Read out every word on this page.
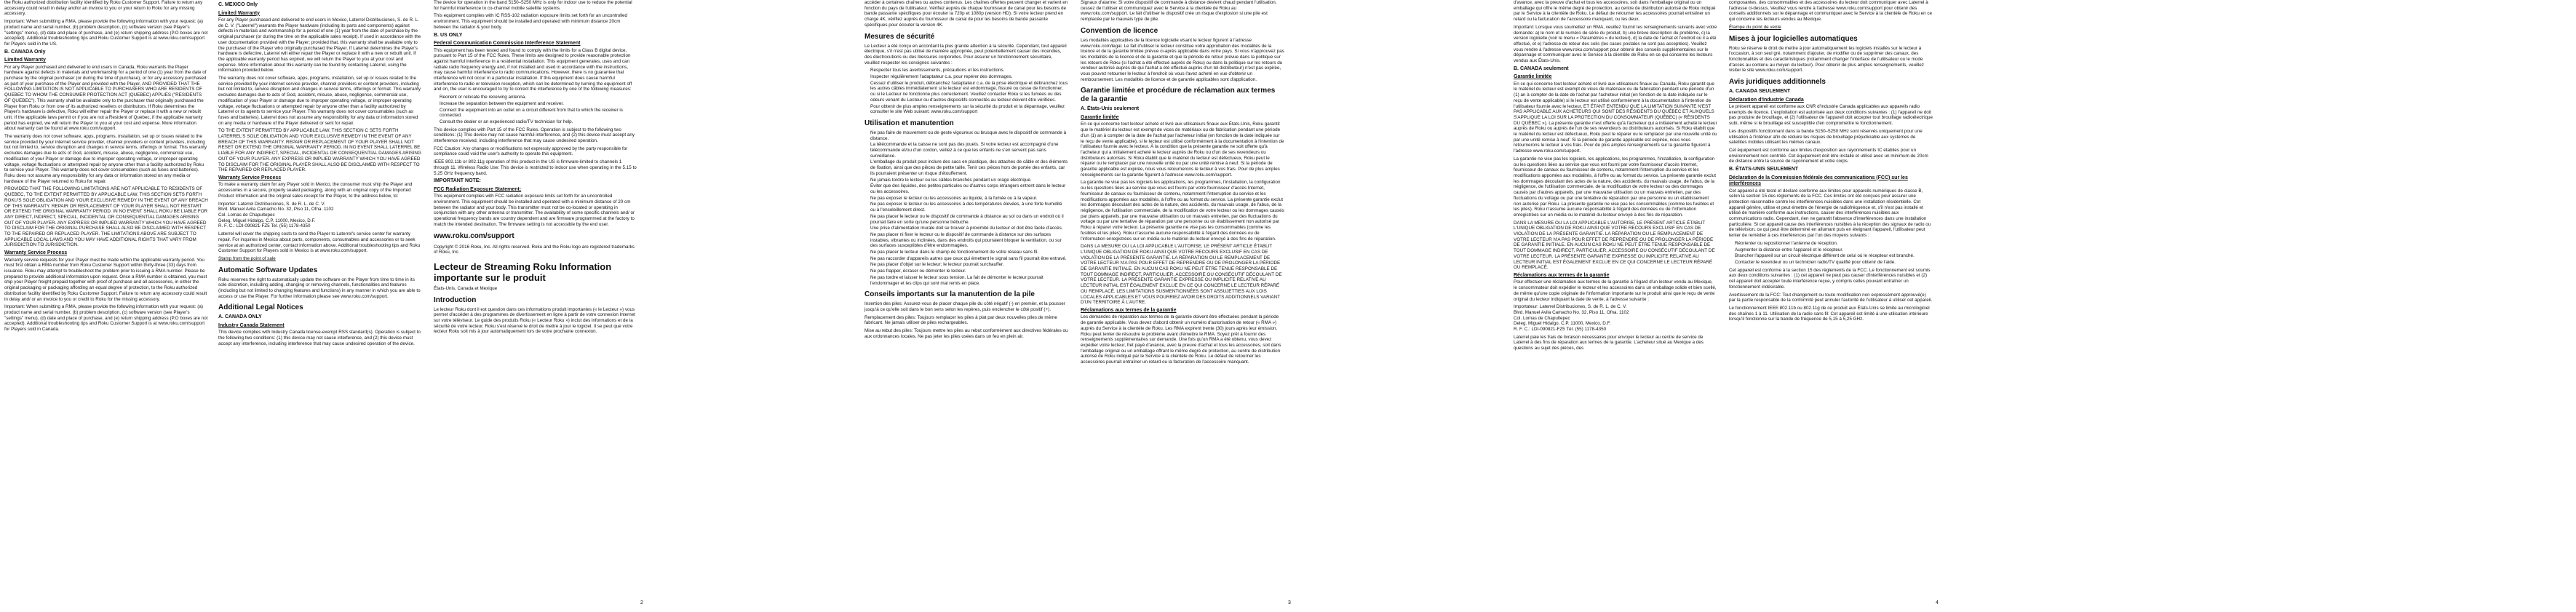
the Roku authorized distribution facility identified by Roku Customer Support. Failure to return any accessory could result in delay and/or an invoice to you or your return to Roku for any missing accessory.

Important: When submitting a RMA, please provide the following information with your request: (a) product name and serial number, (b) problem description, (c) software version (see Player's "settings" menu), (d) date and place of purchase, and (e) return shipping address (P.O boxes are not accepted). Additional troubleshooting tips and Roku Customer Support is at www.roku.com/support for Players sold in the US.

B. CANADA Only
Limited Warranty

For any Player purchased and delivered to end users in Canada, Roku warrants the Player hardware against defects in materials and workmanship for a period of one (1) year from the date of purchase by the original purchaser (or during the time of purchase), or for any accessory purchased as part of your purchase of the Player and provided with the Player, AND PROVIDED THAT THE FOLLOWING LIMITATION IS NOT APPLICABLE TO PURCHASERS WHO ARE RESIDENTS OF QUEBEC TO WHOM THE CONSUMER PROTECTION ACT (QUEBEC) APPLIES ("RESIDENTS OF QUEBEC"). This warranty shall be available only to the purchaser that originally purchased the Player from Roku or from one of its authorized resellers or distributors. If Roku determines the Player's hardware is defective, Roku will either repair the Player or replace it with a new or rebuilt unit. If the applicable laws permit or if you are not a Resident of Quebec, if the applicable warranty period has expired, we will return the Player to you at your cost and expense. More information about warranty can be found at www.roku.com/support.

The warranty does not cover software, apps, programs, installation, set up or issues related to the service provided by your internet service provider, channel providers or content providers, including but not limited to, service disruption and changes in service terms, offerings or format. This warranty excludes damages due to acts of God, accident, misuse, abuse, negligence, commercial use, modification of your Player or damage due to improper operating voltage, or improper operating voltage, voltage fluctuations or attempted repair by anyone other than a facility authorized by Roku to service your Player. This warranty does not cover consumables (such as fuses and batteries). Roku does not assume any responsibility for any data or information stored on any media or hardware of the Player returned to Roku for repair.

PROVIDED THAT THE FOLLOWING LIMITATIONS ARE NOT APPLICABLE TO RESIDENTS OF QUEBEC, TO THE EXTENT PERMITTED BY APPLICABLE LAW, THIS SECTION SETS FORTH ROKU'S SOLE OBLIGATION AND YOUR EXCLUSIVE REMEDY IN THE EVENT OF ANY BREACH OF THIS WARRANTY. REPAIR OR REPLACEMENT OF YOUR PLAYER SHALL NOT RESTART OR EXTEND THE ORIGINAL WARRANTY PERIOD. IN NO EVENT SHALL ROKU BE LIABLE FOR ANY DIRECT, INDIRECT, SPECIAL, INCIDENTAL OR CONSEQUENTIAL DAMAGES ARISING OUT OF YOUR PLAYER. ANY EXPRESS OR IMPLIED WARRANTY WHICH YOU HAVE AGREED TO DISCLAIM FOR THE ORIGINAL PURCHASE SHALL ALSO BE DISCLAIMED WITH RESPECT TO THE REPAIRED OR REPLACED PLAYER. THE LIMITATIONS ABOVE ARE SUBJECT TO APPLICABLE LOCAL LAWS AND YOU MAY HAVE ADDITIONAL RIGHTS THAT VARY FROM JURISDICTION TO JURISDICTION.

Warranty Service Process

Warranty service requests for your Player must be made within the applicable warranty period. You must first obtain a RMA number from Roku Customer Support within thirty-three (33) days from issuance. Roku may attempt to troubleshoot the problem prior to issuing a RMA number. Please be prepared to provide additional information upon request. Once a RMA number is obtained, you must ship your Player freight prepaid together with proof of purchase and all accessories, in either the original packaging or packaging affording an equal degree of protection, to the Roku authorized distribution facility identified by Roku Customer Support. Failure to return any accessory could result in delay and/ or an invoice to you or credit to Roku for the missing accessory.

Important: When submitting a RMA, please provide the following information with your request: (a) product name and serial number, (b) problem description, (c) software version (see Player's "settings" menu), (d) date and place of purchase, and (e) return shipping address (P.O boxes are not accepted). Additional troubleshooting tips and Roku Customer Support is at www.roku.com/support for Players sold in Canada.

C. MEXICO Only
Limited Warranty

For any Player purchased and delivered to end users in Mexico, Laterrel Distribuciones, S. de R. L. de C. V. ("Laterrel") warrants the Player hardware (including its parts and components) against defects in materials and workmanship for a period of one (1) year from the date of purchase by the original purchaser (or during the time on the applicable sales receipt). If used in accordance with the user documentation provided with the Player; provided that, this warranty shall be available only to the purchaser of the Player who originally purchased the Player. If Laterrel determines the Player's hardware is defective, Laterrel will either repair the Player or replace it with a new or rebuilt unit. If the applicable warranty period has expired, we will return the Player to you at your cost and expense. More information about this warranty can be found by contacting Laterrel, using the information provided below.

The warranty does not cover software, apps, programs, installation, set up or issues related to the service provided by your internet service provider, channel providers or content providers, including but not limited to, service disruption and changes in service terms, offerings or format. This warranty excludes damages due to acts of God, accident, misuse, abuse, negligence, commercial use, modification of your Player or damage due to improper operating voltage, or improper operating voltage, voltage fluctuations or attempted repair by anyone other than a facility authorized by Laterrel or its agents to service your Player. This warranty does not cover consumables (such as fuses and batteries). Laterrel does not assume any responsibility for any data or information stored on any media or hardware of the Player delivered or sent for repair.

TO THE EXTENT PERMITTED BY APPLICABLE LAW, THIS SECTION C SETS FORTH LATERREL'S SOLE OBLIGATION AND YOUR EXCLUSIVE REMEDY IN THE EVENT OF ANY BREACH OF THIS WARRANTY. REPAIR OR REPLACEMENT OF YOUR PLAYER SHALL NOT RESET OR EXTEND THE ORIGINAL WARRANTY PERIOD. IN NO EVENT SHALL LATERREL BE LIABLE FOR ANY INDIRECT, SPECIAL, INCIDENTAL OR CONSEQUENTIAL DAMAGES ARISING OUT OF YOUR PLAYER. ANY EXPRESS OR IMPLIED WARRANTY WHICH YOU HAVE AGREED TO DISCLAIM FOR THE ORIGINAL PLAYER SHALL ALSO BE DISCLAIMED WITH RESPECT TO THE REPAIRED OR REPLACED PLAYER.

Warranty Service Process

To make a warranty claim for any Player sold in Mexico, the consumer must ship the Player and accessories in a secure, properly sealed packaging, along with an original copy of the Imported Product Information and the original sales receipt for the Player, to the address below, to:

Importer: Laterrel Distribuciones, S. de R. L. de C. V.
Blvd. Manuel Avila Camacho No. 32, Piso 11, Ofna. 1102
Col. Lomas de Chapultepec
Deleg. Miguel Hidalgo, C.P. 11000, Mexico, D.F.
R. F. C.: LDI-090821-FZ5 Tel. (55) 1178-4350

Laterrel will cover the shipping costs to send the Player to Laterrel's service center for warranty repair. For inquiries in Mexico about parts, components, consumables and accessories or to seek service at an authorized center, contact information above. Additional troubleshooting tips and Roku Customer Support for Players sold in Mexico is at www.roku.com/support.

Stamp from the point of sale

Automatic Software Updates

Roku reserves the right to automatically update the software on the Player from time to time in its sole discretion, including adding, changing or removing channels, functionalities and features (including but not limited to changing features and functions) in any manner in which you are able to access or use the Player. For further information please see www.roku.com/support.

Additional Legal Notices
A. CANADA ONLY
Industry Canada Statement

This device complies with Industry Canada license-exempt RSS standard(s). Operation is subject to the following two conditions: (1) this device may not cause interference, and (2) this device must accept any interference, including interference that may cause undesired operation of the device.

The device for operation in the band 5150–5250 MHz is only for indoor use to reduce the potential for harmful interference to co-channel mobile satellite systems.

This equipment complies with IC RSS-102 radiation exposure limits set forth for an uncontrolled environment. This equipment should be installed and operated with minimum distance 20cm between the radiator & your body.

B. US ONLY
Federal Communication Commission Interference Statement

This equipment has been tested and found to comply with the limits for a Class B digital device, pursuant to Part 15 of the FCC Rules. These limits are designed to provide reasonable protection against harmful interference in a residential installation. This equipment generates, uses and can radiate radio frequency energy and, if not installed and used in accordance with the instructions, may cause harmful interference to radio communications. However, there is no guarantee that interference will not occur in a particular installation. If this equipment does cause harmful interference to radio or television reception, which can be determined by turning the equipment off and on, the user is encouraged to try to correct the interference by one of the following measures:

• Reorient or relocate the receiving antenna.
• Increase the separation between the equipment and receiver.
• Connect the equipment into an outlet on a circuit different from that to which the receiver is connected.
• Consult the dealer or an experienced radio/TV technician for help.

This device complies with Part 15 of the FCC Rules. Operation is subject to the following two conditions: (1) This device may not cause harmful interference, and (2) this device must accept any interference received, including interference that may cause undesired operation.

FCC Caution: Any changes or modifications not expressly approved by the party responsible for compliance could void the user's authority to operate this equipment.

IEEE 802.11b or 802.11g operation of this product in the US is firmware-limited to channels 1 through 11. Wireless Radio Use: This device is restricted to indoor use when operating in the 5.15 to 5.25 GHz frequency band.

IMPORTANT NOTE:
FCC Radiation Exposure Statement:

This equipment complies with FCC radiation exposure limits set forth for an uncontrolled environment. This equipment should be installed and operated with a minimum distance of 20 cm between the radiator and your body. This transmitter must not be co-located or operating in conjunction with any other antenna or transmitter. The availability of some specific channels and/ or operational frequency bands are country dependent and are firmware programmed at the factory to match the intended destination. The firmware setting is not accessible by the end user.

www.roku.com/support

Copyright © 2016 Roku, Inc. All rights reserved. Roku and the Roku logo are registered trademarks of Roku, Inc.

Lecteur de Streaming Roku Information importante sur le produit

États-Unis, Canada et Mexique

Introduction

Le lecteur Roku dont il est question dans ces informations produit importantes (« le Lecteur ») vous permet d'accéder à des programmes de divertissement en ligne à partir de votre connexion Internet sur votre téléviseur. Le guide des produits Roku (« Lecteur Roku ») inclut des informations et de la sécurité de votre lecteur. Roku s'est réservé le droit de mettre à jour le logiciel. Il se peut que votre lecteur Roku soit mis à jour automatiquement lors de votre prochaine connexion.

accéder à certaines chaînes ou autres contenus. Les chaînes offertes peuvent changer et varient en fonction du pays de l'utilisateur. Vérifiez auprès de chaque fournisseur de canal pour les besoins de bande passante spécifiques pour écouter la 720p et 1080p (version HD). Si votre lecteur prend en charge 4K, vérifiez auprès du fournisseur de canal de pour les besoins de bande passante spécifiques pour écouter la version 4K.

Mesures de sécurité

Le Lecteur a été conçu en accordant la plus grande attention à la sécurité. Cependant, tout appareil électrique, s'il n'est pas utilisé de manière appropriée, peut potentiellement causer des incendies, des électrocutions ou des blessures corporelles. Pour assurer un fonctionnement sécuritaire, veuillez respecter les consignes suivantes :

• Respecter tous les avertissements, précautions et les instructions.
• Inspecter régulièrement l'adaptateur c.a. pour repérer des dommages.
• Cessez d'utiliser le produit, débranchez l'adaptateur c.a. de la prise électrique et débranchez tous les autres câbles immédiatement si le lecteur est endommagé, fissuré ou cesse de fonctionner, ou si le Lecteur ne fonctionne plus correctement. Veuillez contacter Roku si les fumées ou des odeurs venant du Lecteur ou d'autres dispositifs connectés au lecteur doivent être vérifiées.
• Pour obtenir de plus amples renseignements sur la sécurité du produit et la dépannage, veuillez consulter le site Web suivant: www.roku.com/support
Utilisation et manutention
• Ne pas faire de mouvement ou de geste vigoureux ou brusque avec le dispositif de commande à distance.
• La télécommande et la caisse ne sont pas des jouets. Si votre lecteur est accompagné d'une télécommande et/ou d'un cordon, veillez à ce que les enfants ne s'en servent pas sans surveillance.
• L'emballage du produit peut inclure des sacs en plastique, des attaches de câble et des éléments de fixation, ainsi que des pièces de petite taille. Tenir ces pièces hors de portée des enfants, car ils pourraient présenter un risque d'étouffement.
• Ne jamais tordre le lecteur ou les câbles branchés pendant un orage électrique.
• Éviter que des liquides, des petites particules ou d'autres corps étrangers entrent dans le lecteur ou les accessoires.
• Ne pas exposer le lecteur ou les accessoires au liquide, à la fumée ou à la vapeur.
• Ne pas exposer le lecteur ou les accessoires à des températures élevées, à une forte humidité ou à l'ensoleillement direct.
• Ne pas placer le lecteur ou le dispositif de commande à distance au sol ou dans un endroit où il pourrait faire en sorte qu'une personne trébuche.
• Une prise d'alimentation murale doit se trouver à proximité du lecteur et doit être facile d'accès.
• Ne pas placer ni fixer le lecteur ou le dispositif de commande à distance sur des surfaces instables, vibrantes ou inclinées, dans des endroits qui pourraient bloquer la ventilation, ou sur des surfaces susceptibles d'être endommagées.
• Ne pas placer le lecteur dans le champ de fonctionnement de votre réseau sans fil.
• Ne pas raccorder d'appareils autres que ceux qui émettent le signal sans fil pourrait être entravé.
• Ne pas placer d'objet sur le lecteur; le lecteur pourrait surchauffer.
• Ne pas frapper, écraser ou démonter le lecteur.
• Ne pas tordre et laisser le lecteur sous tension. La fait de démonter le lecteur pourrait l'endommager et les clips qui sont mal remis en place.
Conseils importants sur la manutention de la pile

Insertion des piles: Assurez-vous de placer chaque pile du côté négatif (-) en premier, et la pousser jusqu'à ce qu'elle soit dans le bon sens selon les repères, puis enclencher le côté positif (+).

Remplacement des piles: Toujours remplacer les piles à plat par deux nouvelles piles de même fabricant. Ne jamais utiliser de piles rechargeables.

Mise au rebut des piles: Toujours mettre les piles au rebut conformément aux directives fédérales ou aux ordonnances locales. Ne pas jeter les piles usées dans un feu en plein air.

Signaux d'alarme: Si votre dispositif de commande à distance devient chaud pendant l'utilisation, cessez de l'utiliser et communiquez avec le Service à la clientèle de Roku au www.roku.com/support. Le fait d'utiliser le dispositif crée un risque d'explosion si une pile est remplacée par le mauvais type de pile.

Convention de licence

Les modalités applicables de la licence logicielle visant le lecteur figurent à l'adresse www.roku.com/legal. Le fait d'utiliser le lecteur constitue votre approbation des modalités de la licence et de la garantie limitée prévue ci-après applicable dans votre pays. Si vous n'approuvez pas les modalités de la licence et de la garantie et que la période de retour prévue dans la politique sur les retours de Roku (si l'achat a été effectué auprès de Roku) ou dans la politique sur les retours du vendeur autorisé auprès de qui l'achat a été effectué auprès d'un tel distributeur) n'est pas expirée, vous pouvez retourner le lecteur à l'endroit où vous l'avez acheté en vue d'obtenir un remboursement. Les modalités de licence et de garantie applicables sont d'application.

Garantie limitée et procédure de réclamation aux termes de la garantie
A. États-Unis seulement
Garantie limitée

En ce qui concerne tout lecteur acheté et livré aux utilisateurs finaux aux États-Unis, Roku garantit que le matériel du lecteur est exempt de vices de matériaux ou de fabrication pendant une période d'un (1) an à compter de la date de l'achat par l'acheteur initial (en fonction de la date indiquée sur le reçu de vente applicable), si le lecteur est utilisé conformément à la documentation à l'intention de l'utilisateur fournie avec le lecteur. À la condition que la présente garantie ne soit offerte qu'à l'acheteur qui a initialement acheté le lecteur auprès de Roku ou d'un de ses revendeurs ou distributeurs autorisés. Si Roku établit que le matériel du lecteur est défectueux, Roku peut le réparer ou le remplacer par une nouvelle unité ou par une unité remise à neuf. Si la période de garantie applicable est expirée, nous vous retournerons le lecteur à vos frais. Pour de plus amples renseignements sur la garantie figurent à l'adresse www.roku.com/support.

La garantie ne vise pas les logiciels les applications, les programmes, l'installation, la configuration ou les questions liées au service que vous est fourni par votre fournisseur d'accès Internet, fournisseur de canaux ou fournisseur de contenu, notamment l'interruption du service et les modifications apportées aux modalités, à l'offre ou au format du service. La présente garantie exclut les dommages découlant des actes de la nature, des accidents, du mauvais usage, de l'abus, de la négligence, de l'utilisation commerciale, de la modification de votre lecteur ou les dommages causés par plans appareils, par une mauvaise utilisation ou un mauvais entretien, par des fluctuations du voltage ou par une tentative de réparation par une personne ou un établissement non autorisé par Roku à réparer votre lecteur. La présente garantie ne vise pas les consommables (comme les fusibles et les piles). Roku n'assume aucune responsabilité à l'égard des données ou de l'information enregistrées sur un média ou le matériel du lecteur envoyé à des fins de réparation.

DANS LA MESURE OU LA LOI APPLICABLE L'AUTORISE, LE PRÉSENT ARTICLE ÉTABLIT L'UNIQUE OBLIGATION DE ROKU AINSI QUE VOTRE RECOURS EXCLUSIF EN CAS DE VIOLATION DE LA PRÉSENTE GARANTIE. LA RÉPARATION OU LE REMPLACEMENT DE VOTRE LECTEUR N'A PAS POUR EFFET DE REPRENDRE OU DE PROLONGER LA PÉRIODE DE GARANTIE INITIALE. EN AUCUN CAS ROKU NE PEUT ÊTRE TENUE RESPONSABLE DE TOUT DOMMAGE INDIRECT, PARTICULIER, ACCESSOIRE OU CONSÉCUTIF DÉCOULANT DE VOTRE LECTEUR. LA PRÉSENTE GARANTIE EXPRESSE OU IMPLICITE RELATIVE AU LECTEUR INITIAL EST ÉGALEMENT EXCLUE EN CE QUI CONCERNE LE LECTEUR RÉPARÉ OU REMPLACÉ. LES LIMITATIONS SUSMENTIONNÉES SONT ASSUJETTIES AUX LOIS LOCALES APPLICABLES ET VOUS POURRIEZ AVOIR DES DROITS ADDITIONNELS VARIANT D'UN TERRITOIRE À L'AUTRE.

Réclamations aux termes de la garantie

Les demandes de réparation aux termes de la garantie doivent être effectuées pendant la période de garantie applicable. Vous devez d'abord obtenir un numéro d'autorisation de retour (« RMA ») auprès du Service à la clientèle de Roku. Les RMA expirent trente (30) jours après leur émission. Roku peut tenter de résoudre le problème avant d'émettre le RMA. Soyez prêt à fournir des renseignements supplémentaires sur demande. Une fois qu'un RMA a été obtenu, vous devez expédier votre lecteur, fret payé d'avance, avec la preuve d'achat et tous les accessoires, soit dans l'emballage original ou un emballage offrant le même degré de protection, au centre de distribution autorisé de Roku indiqué par le Service à la clientèle de Roku. Le défaut de retourner les accessoires pourrait entraîner un retard ou la facturation de l'accessoire manquant.

d'avance, avec la preuve d'achat et tous les accessoires, soit dans l'emballage original ou un emballage qui offre le même degré de protection, au centre de distribution autorisé de Roku indiqué par le Service à la clientèle de Roku. Le défaut de retourner les accessoires pourrait entraîner un retard ou la facturation de l'accessoire manquant, ou les deux.

Important: Lorsque vous soumettez un RMA, veuillez fournir les renseignements suivants avec votre demande: a) le nom et le numéro de série du produit, b) une brève description du problème, c) la version logicielle (voir le menu « Paramètres » du lecteur), d) la date de l'achat et l'endroit où il a été effectué, et e) l'adresse de retour des colis (les cases postales ne sont pas acceptées). Veuillez vous rendre à l'adresse www.roku.com/support pour obtenir des conseils supplémentaires sur le dépannage et communiquer avec le Service à la clientèle de Roku en ce qui concerne les lecteurs vendus aux États-Unis.

B. CANADA seulement
Garantie limitée

En ce qui concerne tout lecteur acheté et livré aux utilisateurs finaux au Canada, Roku garantit que le matériel du lecteur est exempt de vices de matériaux ou de fabrication pendant une période d'un (1) an à compter de la date de l'achat par l'acheteur initial (en fonction de la date indiquée sur le reçu de vente applicable) si le lecteur est utilisé conformément à la documentation à l'intention de l'utilisateur fournie avec le lecteur, ET ÉTANT ENTENDU QUE LA LIMITATION SUIVANTE N'EST PAS APPLICABLE AUX ACHETEURS QUI SONT DES RÉSIDENTS DU QUÉBEC ET AUXQUELS S'APPLIQUE LA LOI SUR LA PROTECTION DU CONSOMMATEUR (QUÉBEC) (« RÉSIDENTS DU QUÉBEC »). La présente garantie n'est offerte qu'à l'acheteur qui a initialement acheté le lecteur auprès de Roku ou auprès de l'un de ses revendeurs ou distributeurs autorisés. Si Roku établit que le matériel du lecteur est défectueux, Roku peut le réparer ou le remplacer par une nouvelle unité ou par une unité remise à neuf. Si la période de garantie applicable est expirée, nous vous retournerons le lecteur à vos frais. Pour de plus amples renseignements sur la garantie figurent à l'adresse www.roku.com/support.

La garantie ne vise pas les logiciels, les applications, les programmes, l'installation, la configuration ou les questions liées au service que vous est fourni par votre fournisseur d'accès Internet, fournisseur de canaux ou fournisseur de contenu, notamment l'interruption du service et les modifications apportées aux modalités, à l'offre ou au format du service. La présente garantie exclut les dommages découlant des actes de la nature, des accidents, du mauvais usage, de l'abus, de la négligence, de l'utilisation commerciale, de la modification de votre lecteur ou des dommages causés par d'autres appareils, par une mauvaise utilisation ou un mauvais entretien, par des fluctuations du voltage ou par une tentative de réparation par une personne ou un établissement non autorisé par Roku. La présente garantie ne vise pas les consommables (comme les fusibles et les piles). Roku n'assume aucune responsabilité à l'égard des données ou de l'information enregistrées sur un média ou le matériel du lecteur envoyé à des fins de réparation.

DANS LA MESURE OU LA LOI APPLICABLE L'AUTORISE, LE PRÉSENT ARTICLE ÉTABLIT L'UNIQUE OBLIGATION DE ROKU AINSI QUE VOTRE RECOURS EXCLUSIF EN CAS DE VIOLATION DE LA PRÉSENTE GARANTIE. LA RÉPARATION OU LE REMPLACEMENT DE VOTRE LECTEUR N'A PAS POUR EFFET DE REPRENDRE OU DE PROLONGER LA PÉRIODE DE GARANTIE INITIALE. EN AUCUN CAS ROKU NE PEUT ÊTRE TENUE RESPONSABLE DE TOUT DOMMAGE INDIRECT, PARTICULIER, ACCESSOIRE OU CONSÉCUTIF DÉCOULANT DE VOTRE LECTEUR. LA PRÉSENTE GARANTIE EXPRESSE OU IMPLICITE RELATIVE AU LECTEUR INITIAL EST ÉGALEMENT EXCLUE EN CE QUI CONCERNE LE LECTEUR RÉPARÉ OU REMPLACÉ.

Réclamations aux termes de la garantie

Pour effectuer une réclamation aux termes de la garantie à l'égard d'un lecteur vendu au Mexique, le consommateur doit expédier le lecteur et les accessoires dans un emballage solide et bien scellé, de même qu'une copie originale de l'information importante sur le produit ainsi que le reçu de vente original du lecteur indiquant la date de vente, à l'adresse suivante :

Importateur: Laterrel Distribuciones, S. de R. L. de C. V.
Blvd. Manuel Avila Camacho No. 32, Piso 11, Ofna. 1102
Col. Lomas de Chapultepec
Deleg. Miguel Hidalgo, C.P. 11000, Mexico, D.F.
R. F. C.: LDI-090821-FZ5 Tél. (55) 1178-4350

Laterrel paie les frais de livraison nécessaires pour envoyer le lecteur au centre de service de Laterrel à des fins de réparation aux termes de la garantie. L'acheteur situé au Mexique a des questions au sujet des pièces, des

composantes, des consommables et des accessoires du lecteur doit communiquer avec Laterrel à l'adresse ci-dessus. Veuillez vous rendre à l'adresse www.roku.com/support pour obtenir des conseils additionnels sur le dépannage et communiquer avec le Service à la clientèle de Roku en ce qui concerne les lecteurs vendus au Mexique.

Étampe du point de vente

Mises à jour logicielles automatiques

Roku se réserve le droit de mettre à jour automatiquement les logiciels installés sur le lecteur à l'occasion, à son seul gré, notamment d'ajouter, de modifier ou de supprimer des canaux, des fonctionnalités et des caractéristiques (notamment changer l'interface de l'utilisateur ou le mode d'accès au contenu au moyen du lecteur). Pour obtenir de plus amples renseignements, veuillez visiter le site www.roku.com/support.

Avis juridiques additionnels
A. CANADA SEULEMENT
Déclaration d'Industrie Canada

Le présent appareil est conforme aux CNR d'Industrie Canada applicables aux appareils radio exempts de licence. L'exploitation est autorisée aux deux conditions suivantes : (1) l'appareil ne doit pas produire de brouillage, et (2) l'utilisateur de l'appareil doit accepter tout brouillage radioélectrique subi, même si le brouillage est susceptible d'en compromettre le fonctionnement.

Les dispositifs fonctionnant dans la bande 5150–5250 MHz sont réservés uniquement pour une utilisation à l'intérieur afin de réduire les risques de brouillage préjudiciable aux systèmes de satellites mobiles utilisant les mêmes canaux.

Cet équipement est conforme aux limites d'exposition aux rayonnements IC établies pour un environnement non contrôlé. Cet équipement doit être installé et utilisé avec un minimum de 20cm de distance entre la source de rayonnement et votre corps.

B. ÉTATS-UNIS SEULEMENT
Déclaration de la Commission fédérale des communications (FCC) sur les interférences

Cet appareil a été testé et déclaré conforme aux limites pour appareils numériques de classe B, selon la section 15 des règlements de la FCC. Ces limites ont été conçues pour assurer une protection raisonnable contre les interférences nuisibles dans une installation résidentielle. Cet appareil génère, utilise et peut émettre de l'énergie de radiofréquence et, s'il n'est pas installé et utilisé de manière conforme aux instructions, causer des interférences nuisibles aux communications radio. Cependant, rien ne garantit l'absence d'interférences dans une installation particulière. Si cet appareil cause des interférences nuisibles à la réception des signaux de radio ou de télévision, ce qui peut être déterminé en allumant puis en éteignant l'appareil, l'utilisateur peut tenter de remédier à ces interférences par l'un des moyens suivants :

• Réorienter ou repositionner l'antenne de réception.
• Augmenter la distance entre l'appareil et le récepteur.
• Brancher l'appareil sur un circuit électrique différent de celui où le récepteur est branché.
• Contacter le revendeur ou un technicien radio/TV qualifié pour obtenir de l'aide.

Cet appareil est conforme à la section 15 des règlements de la FCC. Le fonctionnement est soumis aux deux conditions suivantes : (1) cet appareil ne peut pas causer d'interférences nuisibles et (2) cet appareil doit accepter toute interférence reçue, y compris celles pouvant entraîner un fonctionnement indésirable.

Avertissement de la FCC: Tout changement ou toute modification non expressément approuvé(e) par la partie responsable de la conformité peut annuler l'autorité de l'utilisateur à utiliser cet appareil.

Le fonctionnement IEEE 802.11b ou 802.11g de ce produit aux États-Unis se limite au micrologiciel des chaînes 1 à 11. Utilisation de la radio sans fil: Cet appareil est limité à une utilisation intérieure lorsqu'il fonctionne sur la bande de fréquence de 5,15 à 5,25 GHz.

2	3	4
